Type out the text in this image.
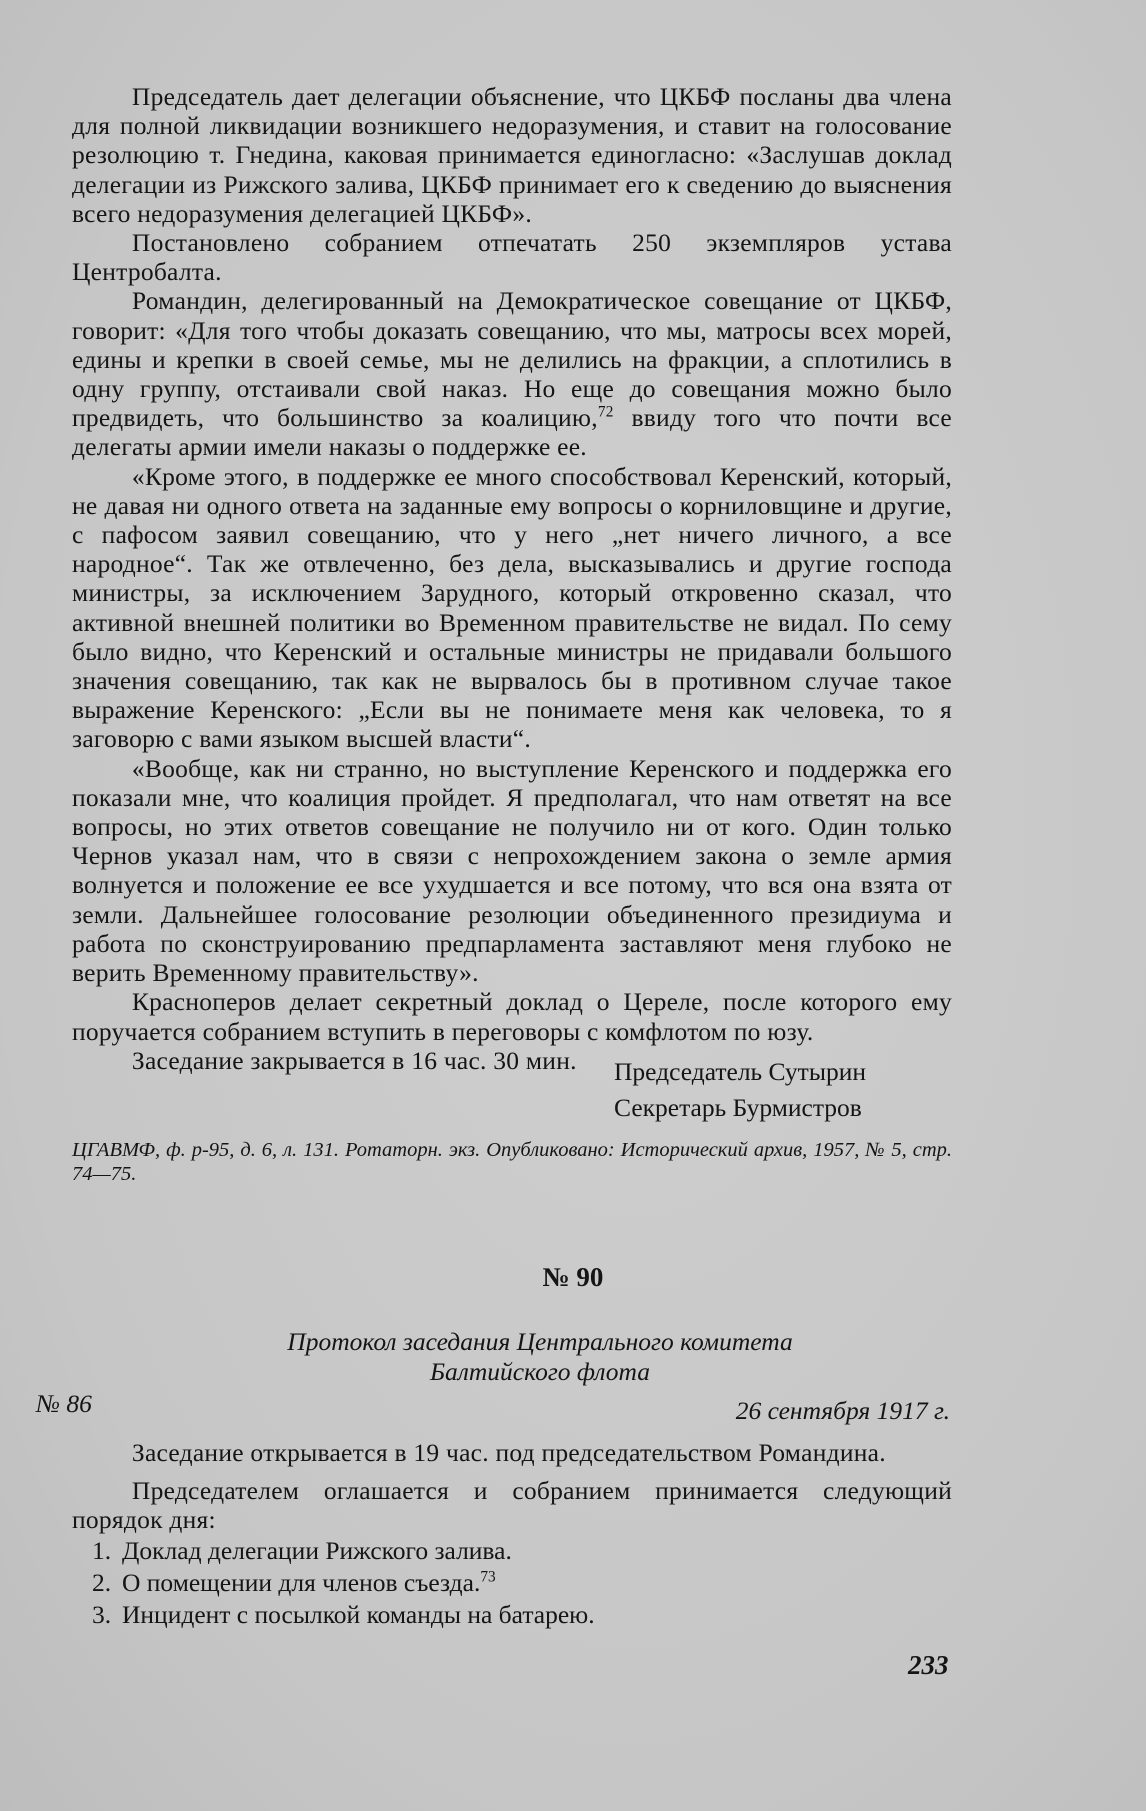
Председатель дает делегации объяснение, что ЦКБФ посланы два члена для полной ликвидации возникшего недоразумения, и ставит на голосование резолюцию т. Гнедина, каковая принимается единогласно: «Заслушав доклад делегации из Рижского залива, ЦКБФ принимает его к сведению до выяснения всего недоразумения делегацией ЦКБФ».

Постановлено собранием отпечатать 250 экземпляров устава Центробалта.

Ромaндин, делегированный на Демократическое совещание от ЦКБФ, говорит: «Для того чтобы доказать совещанию, что мы, матросы всех морей, едины и крепки в своей семье, мы не делились на фракции, а сплотились в одну группу, отстаивали свой наказ. Но еще до совещания можно было предвидеть, что большинство за коалицию,$^{72}$ ввиду того что почти все делегаты армии имели наказы о поддержке ее.

«Кроме этого, в поддержке ее много способствовал Керенский, который, не давая ни одного ответа на заданные ему вопросы о корниловщине и другие, с пафосом заявил совещанию, что у него „нет ничего личного, а все народное“. Так же отвлеченно, без дела, высказывались и другие господа министры, за исключением Зарудного, который откровенно сказал, что активной внешней политики во Временном правительстве не видал. По сему было видно, что Керенский и остальные министры не придавали большого значения совещанию, так как не вырвалось бы в противном случае такое выражение Керенского: „Если вы не понимаете меня как человека, то я заговорю с вами языком высшей власти“.

«Вообще, как ни странно, но выступление Керенского и поддержка его показали мне, что коалиция пройдет. Я предполагал, что нам ответят на все вопросы, но этих ответов совещание не получило ни от кого. Один только Чернов указал нам, что в связи с непрохождением закона о земле армия волнуется и положение ее все ухудшается и все потому, что вся она взята от земли. Дальнейшее голосование резолюции объединенного президиума и работа по сконструированию предпарламента заставляют меня глубоко не верить Временному правительству».

Красноперов делает секретный доклад о Цереле, после которого ему поручается собранием вступить в переговоры с комфлотом по юзу.

Заседание закрывается в 16 час. 30 мин.	Председатель Сутырин
Секретарь Бурмистров
ЦГАВМФ, ф. р-95, д. 6, л. 131. Ротаторн. экз. Опубликовано: Исторический архив, 1957, № 5, стр. 74—75.
№ 90
Протокол заседания Центрального комитета
Балтийского флота
№ 86	26 сентября 1917 г.

Заседание открывается в 19 час. под председательством Ромaндина.

Председателем оглашается и собранием принимается следующий порядок дня:

1. Доклад делегации Рижского залива.
2. О помещении для членов съезда.$^{73}$
3. Инцидент с посылкой команды на батарею.
233
